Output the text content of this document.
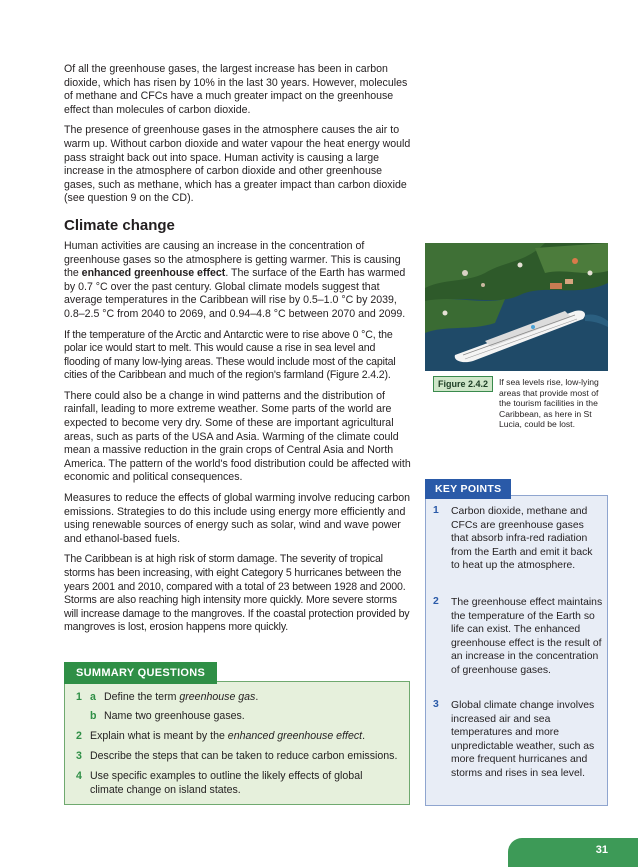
Of all the greenhouse gases, the largest increase has been in carbon dioxide, which has risen by 10% in the last 30 years. However, molecules of methane and CFCs have a much greater impact on the greenhouse effect than molecules of carbon dioxide.

The presence of greenhouse gases in the atmosphere causes the air to warm up. Without carbon dioxide and water vapour the heat energy would pass straight back out into space. Human activity is causing a large increase in the atmosphere of carbon dioxide and other greenhouse gases, such as methane, which has a greater impact than carbon dioxide (see question 9 on the CD).

Climate change

Human activities are causing an increase in the concentration of greenhouse gases so the atmosphere is getting warmer. This is causing the enhanced greenhouse effect. The surface of the Earth has warmed by 0.7 °C over the past century. Global climate models suggest that average temperatures in the Caribbean will rise by 0.5–1.0 °C by 2039, 0.8–2.5 °C from 2040 to 2069, and 0.94–4.8 °C between 2070 and 2099.

If the temperature of the Arctic and Antarctic were to rise above 0 °C, the polar ice would start to melt. This would cause a rise in sea level and flooding of many low-lying areas. These would include most of the capital cities of the Caribbean and much of the region's farmland (Figure 2.4.2).

There could also be a change in wind patterns and the distribution of rainfall, leading to more extreme weather. Some parts of the world are expected to become very dry. Some of these are important agricultural areas, such as parts of the USA and Asia. Warming of the climate could mean a massive reduction in the grain crops of Central Asia and North America. The pattern of the world's food distribution could be affected with economic and political consequences.

Measures to reduce the effects of global warming involve reducing carbon emissions. Strategies to do this include using energy more efficiently and using renewable sources of energy such as solar, wind and wave power and ethanol-based fuels.

The Caribbean is at high risk of storm damage. The severity of tropical storms has been increasing, with eight Category 5 hurricanes between the years 2001 and 2010, compared with a total of 23 between 1928 and 2000. Storms are also reaching high intensity more quickly. More severe storms will increase damage to the mangroves. If the coastal protection provided by mangroves is lost, erosion happens more quickly.

Figure 2.4.2	If sea levels rise, low-lying areas that provide most of the tourism facilities in the Caribbean, as here in St Lucia, could be lost.
SUMMARY QUESTIONS
1 a Define the term greenhouse gas.
b Name two greenhouse gases.
2 Explain what is meant by the enhanced greenhouse effect.
3 Describe the steps that can be taken to reduce carbon emissions.
4 Use specific examples to outline the likely effects of global climate change on island states.
KEY POINTS
1 Carbon dioxide, methane and CFCs are greenhouse gases that absorb infra-red radiation from the Earth and emit it back to heat up the atmosphere.
2 The greenhouse effect maintains the temperature of the Earth so life can exist. The enhanced greenhouse effect is the result of an increase in the concentration of greenhouse gases.
3 Global climate change involves increased air and sea temperatures and more unpredictable weather, such as more frequent hurricanes and storms and rises in sea level.
31
